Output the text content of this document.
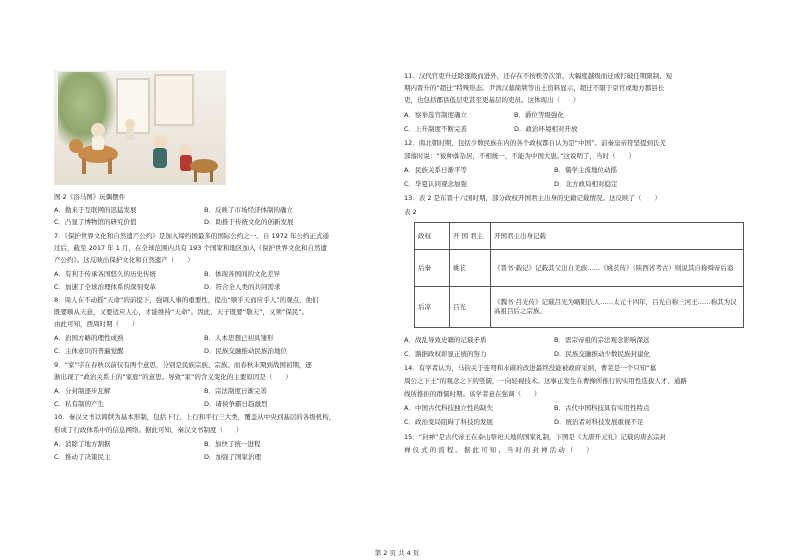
图 2《浴马图》玩偶摆件
A．勤来于互联网的迅猛发展	B．反映了市场经济体制的确立
C．凸显了博物馆的研究价值	D．助推于传统文化的创新发展
7．《保护世界文化和自然遗产公约》是加入缔约国最多的国际公约之一。自 1972 年公约正式通
过后，截至 2017 年 1 月，在全球范围内共有 193 个国家和地区加入《保护世界文化和自然遗
产公约》。这反映出保护文化和自然遗产（　　）
A．有利于传承各国悠久的历史传统	B．体现各国间的文化差异
C．加速了全球治理体系的深刻变革	D．符合全人类的共同需求
8．周人在不动摇“天命”的前提下，强调人事的重要性，提出“顺乎天而应乎人”的观点，他们
既要顺从天意，又要适应人心，才能维持“天命”。因此，天子既要“敬天”，又须“保民”。
由此可知，西周时期（　　）
A．治国方略的理性成熟	B．人本思想已初具雏形
C．主体意识的普遍觉醒	D．民族交融推动民族治地位
9．“家”字在春秋以前仅有两个意思，分别是民族宗族、宗族。而春秋末期到战国初期，逐
渐出现了“政治关系上的”家庭“的意思。导致“家”的含义变化的主要原因是（　　）
A．分封制逐步瓦解	B．宗法制度日渐完善
C．私有制的产生	D．诸侯争霸日趋激烈
10．秦汉文书以简牍为基本形制，包括下行、上行和平行三大类，覆盖从中央到基层的各级机构，
形成了行政体系中的信息网络。据此可知，秦汉文书制度（　　）
A．消除了地方割据	B．加快了统一进程
C．推动了决策民主	D．加强了国家治理
11．汉代官吏升迁除逐级而进外，还存在不按秩等次第、大幅度越级而迁或打破任期限制、短
期内晋升的“超迁”特殊形态。尹湾汉墓简牍等出土资料显示，超迁不限于京官或地方郡县长
吏，也包括郡县低层吏甚至更基层的吏员。这体现出（　　）
A．察举选官制度确立	B．爵位等级强化
C．上升制度不断完善	D．政治环境相对开放
12．南北朝时期，包括少数民族在内的各个政权都自认为是“中国”。前秦皇帝符坚提到氏羌
部落时说：“彼种落杂居，不相统一，不能为中国大患。”这说明了，当时（　　）
A．民族关系日渐平等	B．儒学主流地位动摇
C．华夏认同观念加强	D．北方政局相对稳定
13．表 2 是东晋十六国时期，部分政权开国君主出身的史籍记载情况。这反映了（　　）
表 2
政权	开 国 君主	开国君主出身记载
后秦	姚苌	《晋书·载记》记载其父出自羌族……《姚苌传》（陕西省考古）则说其自称舜帝后裔
后凉	吕光	《魏书·吕光传》记载吕光为略阳氏人……太元十四年，吕光自称三河王……称其为汉高祖吕后之宗族。
A．战乱导致史籍的记载矛盾	B．需宗帝祖的宗法观念影响深远
C．割据政权彰显正统的努力	D．民族交融推动少数民族封建化
14．有学者认为，马钧关于连弩和水碓的改进最终没能被政府采纳，曹芜是一个只知“墓
周公之下士”的观念之下的竖儒，一向轻视技术。这事正发生在曹操所推行的实用性选拔人才、通路
线所推拒的群儒时期。该学者意在强调（　　）
A．中国古代科技独立性的缺失	B．古代中国科技具有实用性特点
C．政治变局阻碍了科技的发展	D．统治者对科技发展重视不足
15．“封禅”是古代帝王在泰山祭祀天地的国家礼制，下图是《大唐开元礼》记载的唐玄宗封
禅 仪 式 的 流 程 。 据 此 可 知 ， 当 时 的 封 禅 活 动 （　　）
第 2 页 共 4 页
